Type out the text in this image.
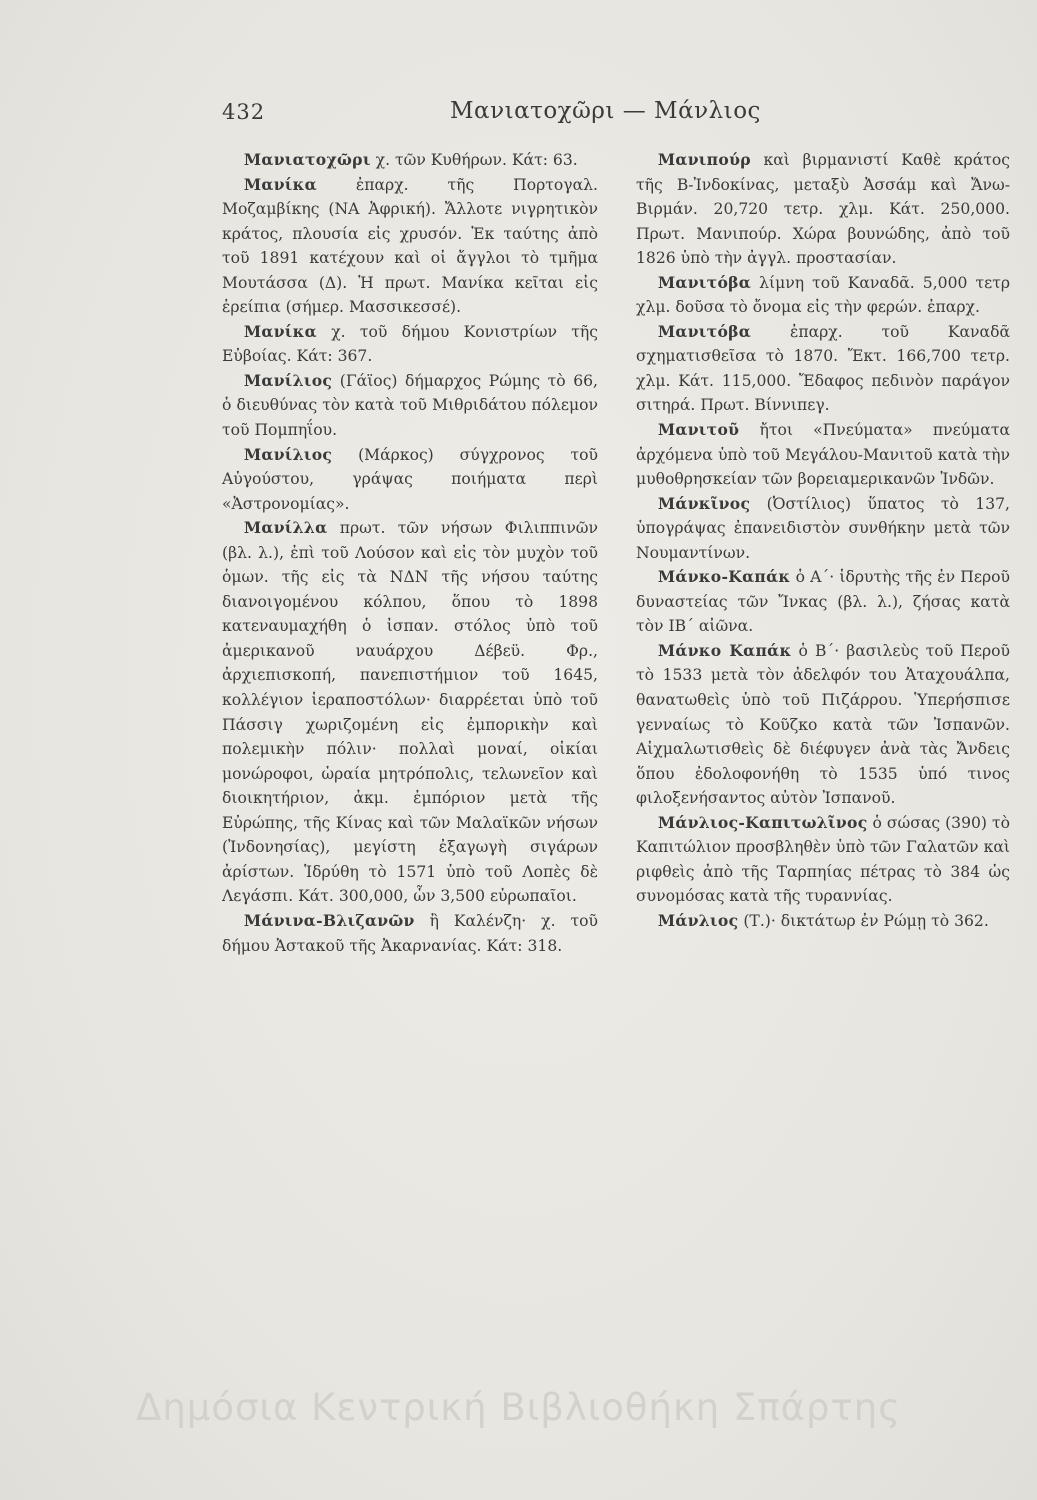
432	Μανιατοχῶρι — Μάνλιος

Μανιατοχῶρι χ. τῶν Κυθήρων. Κάτ: 63.

Μανίκα ἐπαρχ. τῆς Πορτογαλ. Μοζαμβίκης (ΝΑ Ἀφρική). Ἄλλοτε νιγρητικὸν κράτος, πλουσία εἰς χρυσόν. Ἐκ ταύτης ἀπὸ τοῦ 1891 κατέχουν καὶ οἱ ἄγγλοι τὸ τμῆμα Μουτάσσα (Δ). Ἡ πρωτ. Μανίκα κεῖται εἰς ἐρείπια (σήμερ. Μασσικεσσέ).

Μανίκα χ. τοῦ δήμου Κονιστρίων τῆς Εὐβοίας. Κάτ: 367.

Μανίλιος (Γάϊος) δήμαρχος Ρώμης τὸ 66, ὁ διευθύνας τὸν κατὰ τοῦ Μιθριδάτου πόλεμον τοῦ Πομπηΐου.

Μανίλιος (Μάρκος) σύγχρονος τοῦ Αὐγούστου, γράψας ποιήματα περὶ «Ἀστρονομίας».

Μανίλλα πρωτ. τῶν νήσων Φιλιππινῶν (βλ. λ.), ἐπὶ τοῦ Λούσον καὶ εἰς τὸν μυχὸν τοῦ ὁμων. τῆς εἰς τὰ ΝΔΝ τῆς νήσου ταύτης διανοιγομένου κόλπου, ὅπου τὸ 1898 κατεναυμαχήθη ὁ ἰσπαν. στόλος ὑπὸ τοῦ ἀμερικανοῦ ναυάρχου Δέβεϋ. Φρ., ἀρχιεπισκοπή, πανεπιστήμιον τοῦ 1645, κολλέγιον ἱεραποστόλων· διαρρέεται ὑπὸ τοῦ Πάσσιγ χωριζομένη εἰς ἐμπορικὴν καὶ πολεμικὴν πόλιν· πολλαὶ μοναί, οἰκίαι μονώροφοι, ὡραία μητρόπολις, τελωνεῖον καὶ διοικητήριον, ἀκμ. ἐμπόριον μετὰ τῆς Εὐρώπης, τῆς Κίνας καὶ τῶν Μαλαϊκῶν νήσων (Ἰνδονησίας), μεγίστη ἐξαγωγὴ σιγάρων ἀρίστων. Ἱδρύθη τὸ 1571 ὑπὸ τοῦ Λοπὲς δὲ Λεγάσπι. Κάτ. 300,000, ὧν 3,500 εὐρωπαῖοι.

Μάνινα-Βλιζανῶν ἢ Καλένζη· χ. τοῦ δήμου Ἀστακοῦ τῆς Ἀκαρνανίας. Κάτ: 318.

Μανιπούρ καὶ βιρμανιστί Καθὲ κράτος τῆς Β-Ἰνδοκίνας, μεταξὺ Ἀσσάμ καὶ Ἄνω-Βιρμάν. 20,720 τετρ. χλμ. Κάτ. 250,000. Πρωτ. Μανιπούρ. Χώρα βουνώδης, ἀπὸ τοῦ 1826 ὑπὸ τὴν ἀγγλ. προστασίαν.

Μανιτόβα λίμνη τοῦ Καναδᾶ. 5,000 τετρ χλμ. δοῦσα τὸ ὄνομα εἰς τὴν φερών. ἐπαρχ.

Μανιτόβα ἐπαρχ. τοῦ Καναδᾶ σχηματισθεῖσα τὸ 1870. Ἔκτ. 166,700 τετρ. χλμ. Κάτ. 115,000. Ἔδαφος πεδινὸν παράγον σιτηρά. Πρωτ. Βίννιπεγ.

Μανιτοῦ ἤτοι «Πνεύματα» πνεύματα ἀρχόμενα ὑπὸ τοῦ Μεγάλου-Μανιτοῦ κατὰ τὴν μυθοθρησκείαν τῶν βορειαμερικανῶν Ἰνδῶν.

Μάνκῖνος (Ὀστίλιος) ὕπατος τὸ 137, ὑπογράψας ἐπανειδιστὸν συνθήκην μετὰ τῶν Νουμαντίνων.

Μάνκο-Καπάκ ὁ Α΄· ἱδρυτὴς τῆς ἐν Περοῦ δυναστείας τῶν Ἴνκας (βλ. λ.), ζήσας κατὰ τὸν ΙΒ΄ αἰῶνα.

Μάνκο Καπάκ ὁ Β΄· βασιλεὺς τοῦ Περοῦ τὸ 1533 μετὰ τὸν ἀδελφόν του Ἀταχουάλπα, θανατωθεὶς ὑπὸ τοῦ Πιζάρρου. Ὑπερήσπισε γενναίως τὸ Κοῦζκο κατὰ τῶν Ἰσπανῶν. Αἰχμαλωτισθεὶς δὲ διέφυγεν ἀνὰ τὰς Ἄνδεις ὅπου ἐδολοφονήθη τὸ 1535 ὑπό τινος φιλοξενήσαντος αὐτὸν Ἰσπανοῦ.

Μάνλιος-Καπιτωλῖνος ὁ σώσας (390) τὸ Καπιτώλιον προσβληθὲν ὑπὸ τῶν Γαλατῶν καὶ ριφθεὶς ἀπὸ τῆς Ταρπηίας πέτρας τὸ 384 ὡς συνομόσας κατὰ τῆς τυραννίας.

Μάνλιος (Τ.)· δικτάτωρ ἐν Ρώμῃ τὸ 362.

Δημόσια Κεντρική Βιβλιοθήκη Σπάρτης
